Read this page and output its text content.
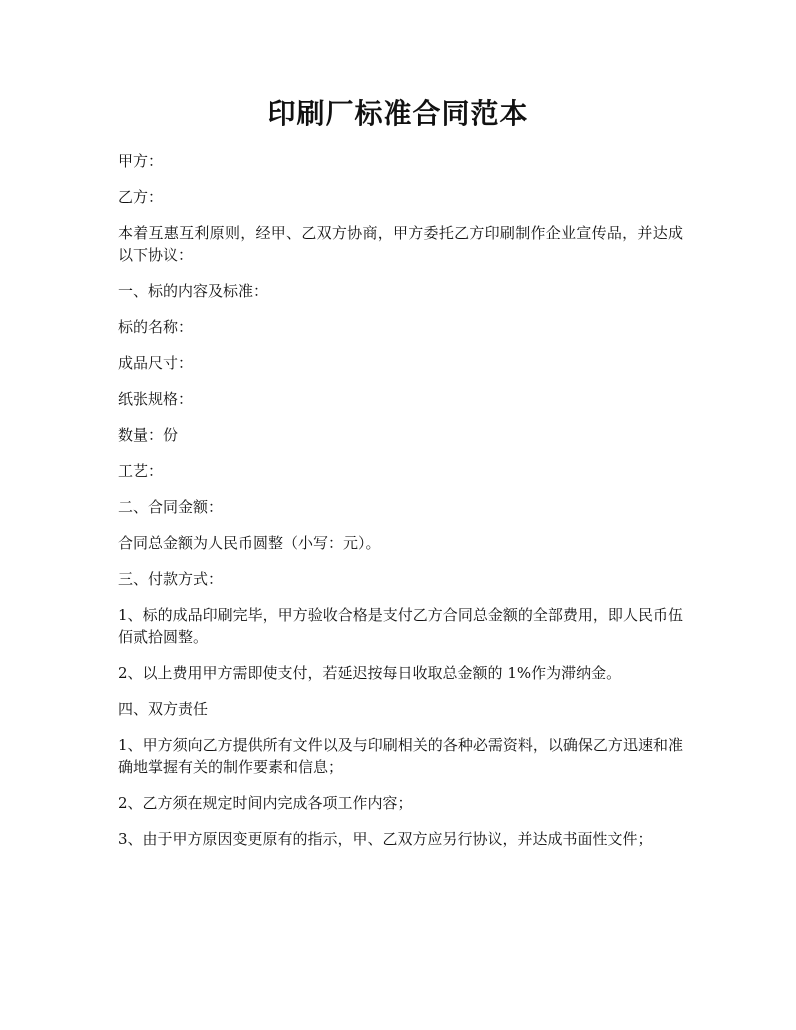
印刷厂标准合同范本

甲方：

乙方：

本着互惠互利原则，经甲、乙双方协商，甲方委托乙方印刷制作企业宣传品，并达成以下协议：

一、标的内容及标准：

标的名称：

成品尺寸：

纸张规格：

数量：份

工艺：

二、合同金额：

合同总金额为人民币圆整（小写：元）。

三、付款方式：

1、标的成品印刷完毕，甲方验收合格是支付乙方合同总金额的全部费用，即人民币伍佰贰拾圆整。

2、以上费用甲方需即使支付，若延迟按每日收取总金额的 1%作为滞纳金。

四、双方责任

1、甲方须向乙方提供所有文件以及与印刷相关的各种必需资料，以确保乙方迅速和准确地掌握有关的制作要素和信息；

2、乙方须在规定时间内完成各项工作内容；

3、由于甲方原因变更原有的指示，甲、乙双方应另行协议，并达成书面性文件；
